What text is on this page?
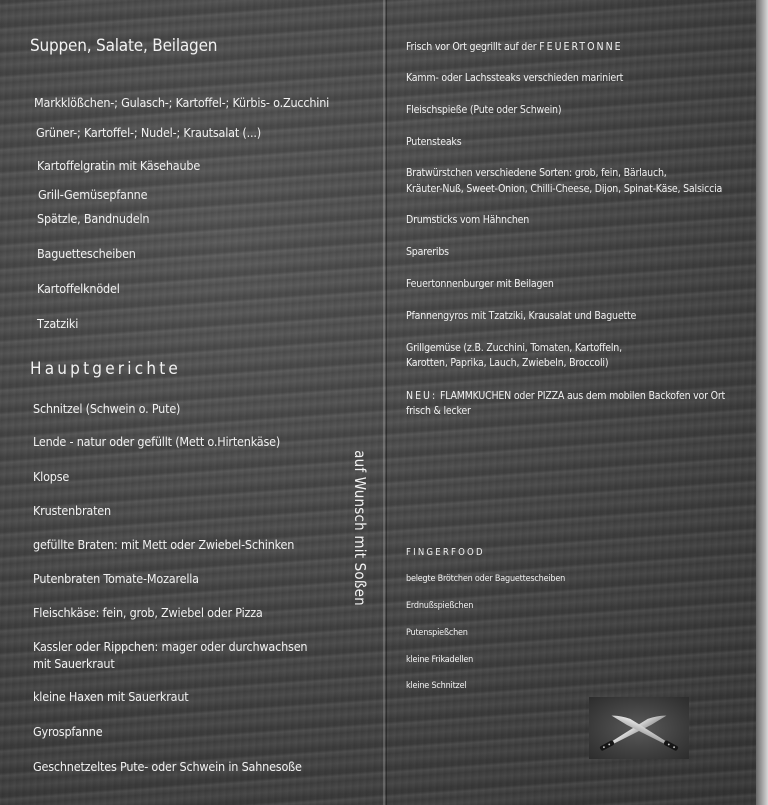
Suppen, Salate, Beilagen
Markklößchen-; Gulasch-; Kartoffel-; Kürbis- o.Zucchini
Grüner-; Kartoffel-; Nudel-; Krautsalat (...)
Kartoffelgratin mit Käsehaube
Grill-Gemüsepfanne
Spätzle, Bandnudeln
Baguettescheiben
Kartoffelknödel
Tzatziki
Hauptgerichte
Schnitzel (Schwein o. Pute)
Lende - natur oder gefüllt (Mett o.Hirtenkäse)
Klopse
Krustenbraten
gefüllte Braten: mit Mett oder Zwiebel-Schinken
Putenbraten Tomate-Mozarella
Fleischkäse: fein, grob, Zwiebel oder Pizza
Kassler oder Rippchen: mager oder durchwachsen
mit Sauerkraut
kleine Haxen mit Sauerkraut
Gyrospfanne
Geschnetzeltes Pute- oder Schwein in Sahnesoße
auf Wunsch mit Soßen
Frisch vor Ort gegrillt auf der FEUERTONNE
Kamm- oder Lachssteaks verschieden mariniert
Fleischspieße (Pute oder Schwein)
Putensteaks
Bratwürstchen verschiedene Sorten: grob, fein, Bärlauch,
Kräuter-Nuß, Sweet-Onion, Chilli-Cheese, Dijon, Spinat-Käse, Salsiccia
Drumsticks vom Hähnchen
Spareribs
Feuertonnenburger mit Beilagen
Pfannengyros mit Tzatziki, Krausalat und Baguette
Grillgemüse (z.B. Zucchini, Tomaten, Kartoffeln,
Karotten, Paprika, Lauch, Zwiebeln, Broccoli)
NEU: FLAMMKUCHEN oder PIZZA aus dem mobilen Backofen vor Ort
frisch & lecker
FINGERFOOD
belegte Brötchen oder Baguettescheiben
Erdnußspießchen
Putenspießchen
kleine Frikadellen
kleine Schnitzel
